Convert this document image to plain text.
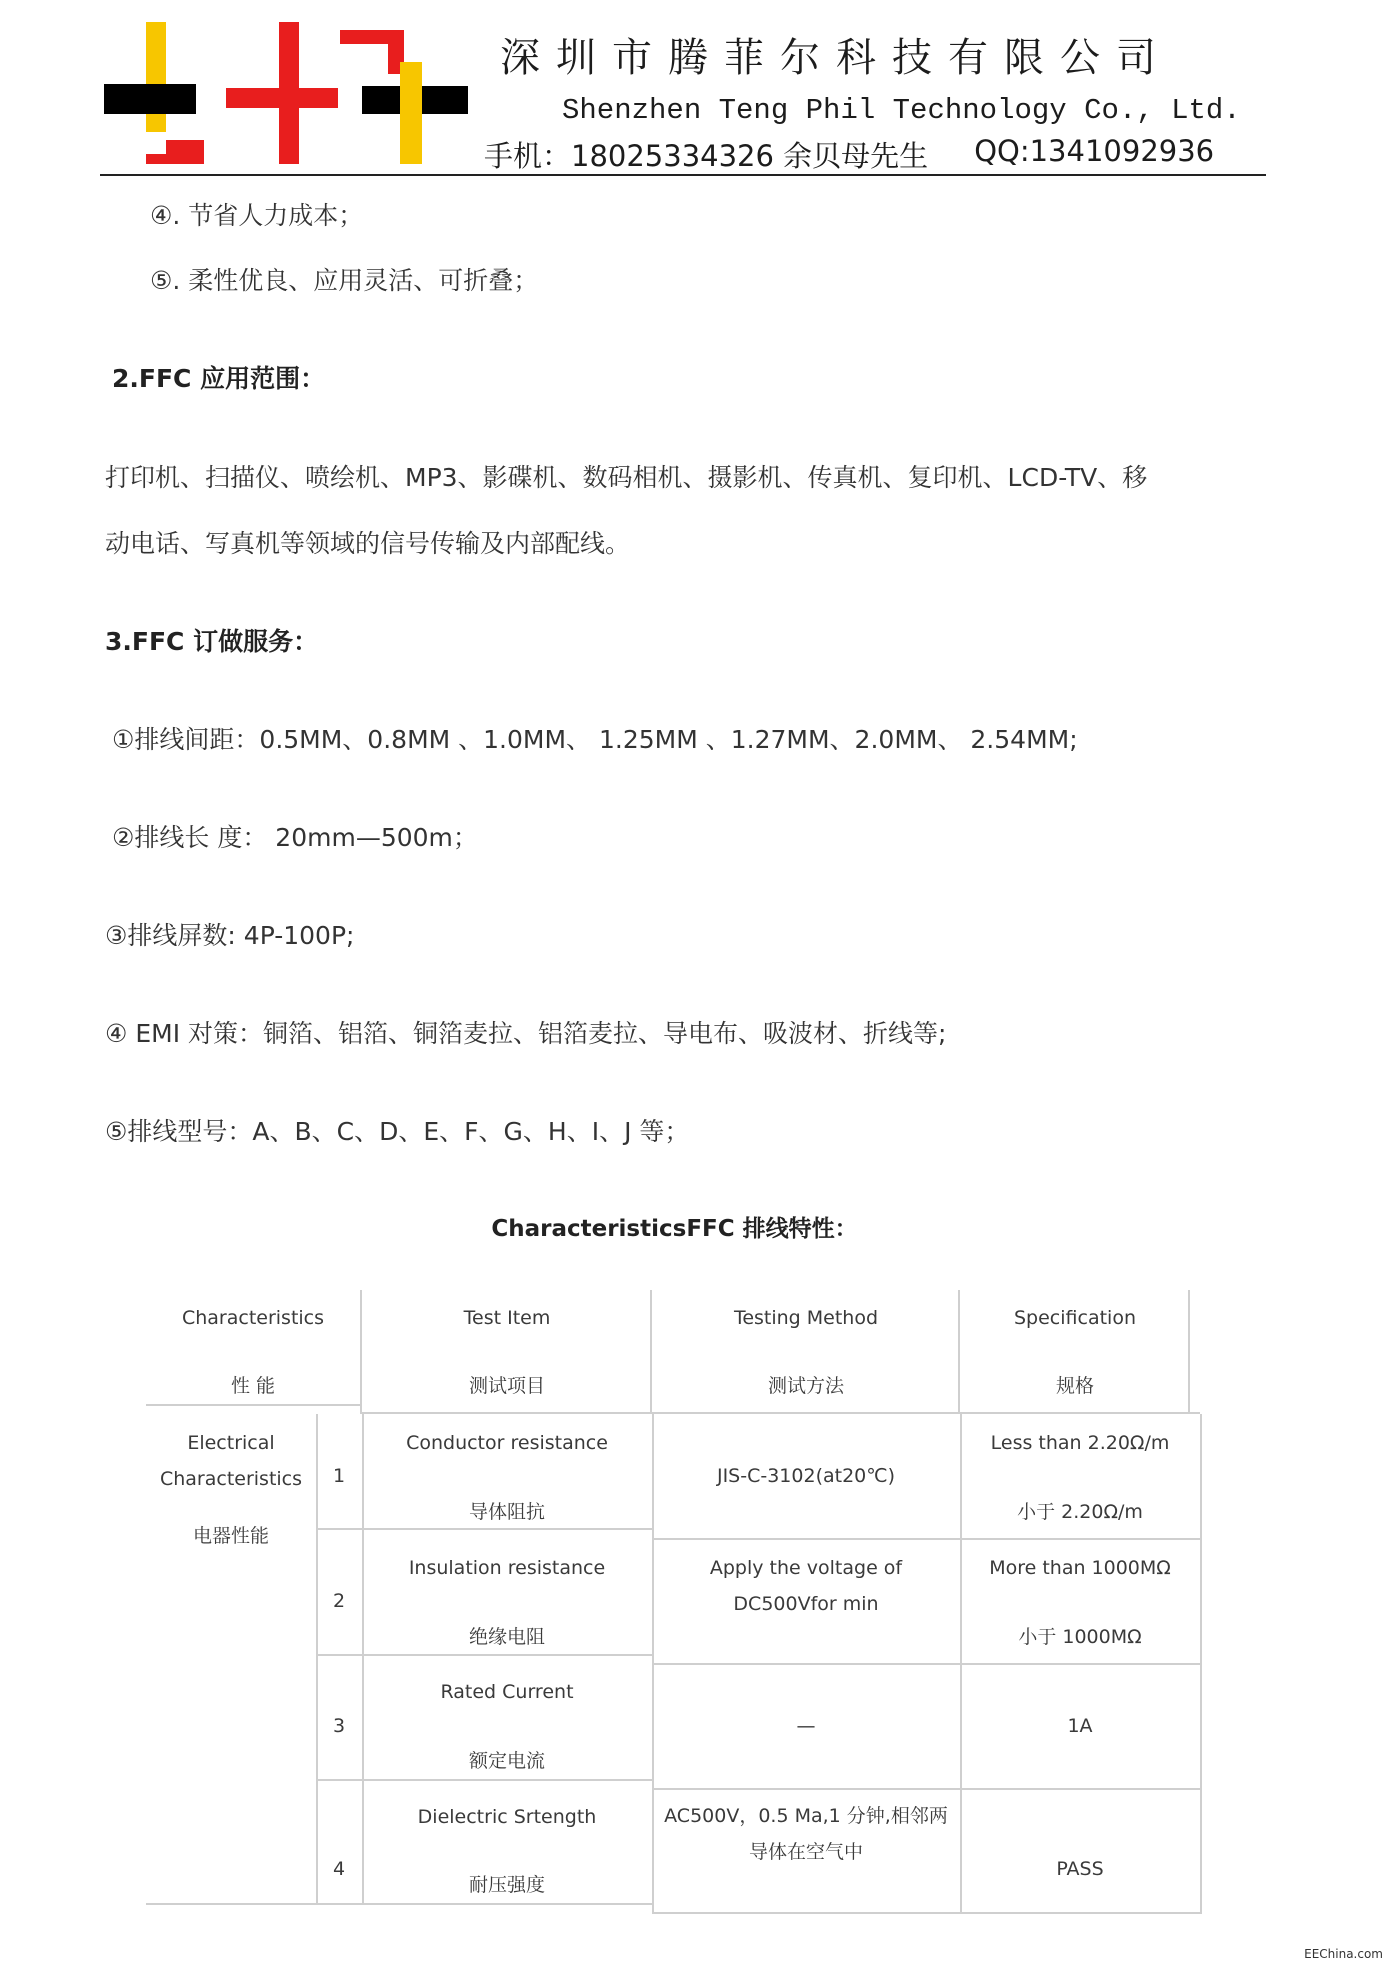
深圳市腾菲尔科技有限公司
Shenzhen Teng Phil Technology Co., Ltd.
手机：18025334326 余贝母先生 QQ:1341092936
④. 节省人力成本；
⑤. 柔性优良、应用灵活、可折叠；
2.FFC 应用范围：
打印机、扫描仪、喷绘机、MP3、影碟机、数码相机、摄影机、传真机、复印机、LCD-TV、移
动电话、写真机等领域的信号传输及内部配线。
3.FFC 订做服务：
①排线间距：0.5MM、0.8MM 、1.0MM、 1.25MM 、1.27MM、2.0MM、 2.54MM;
②排线长 度： 20mm—500m；
③排线屏数: 4P-100P;
④ EMI 对策：铜箔、铝箔、铜箔麦拉、铝箔麦拉、导电布、吸波材、折线等;
⑤排线型号：A、B、C、D、E、F、G、H、I、J 等；
CharacteristicsFFC 排线特性：
Characteristics
性 能
Test Item
测试项目
Testing Method
测试方法
Specification
规格
Electrical
Characteristics
电器性能
1
Conductor resistance
导体阻抗
JIS-C-3102(at20℃)
Less than 2.20Ω/m
小于 2.20Ω/m
2
Insulation resistance
绝缘电阻
Apply the voltage of
DC500Vfor min
More than 1000MΩ
小于 1000MΩ
3
Rated Current
额定电流
—	1A
4
Dielectric Srtength
耐压强度
AC500V，0.5 Ma,1 分钟,相邻两
导体在空气中
PASS
EEChina.com
